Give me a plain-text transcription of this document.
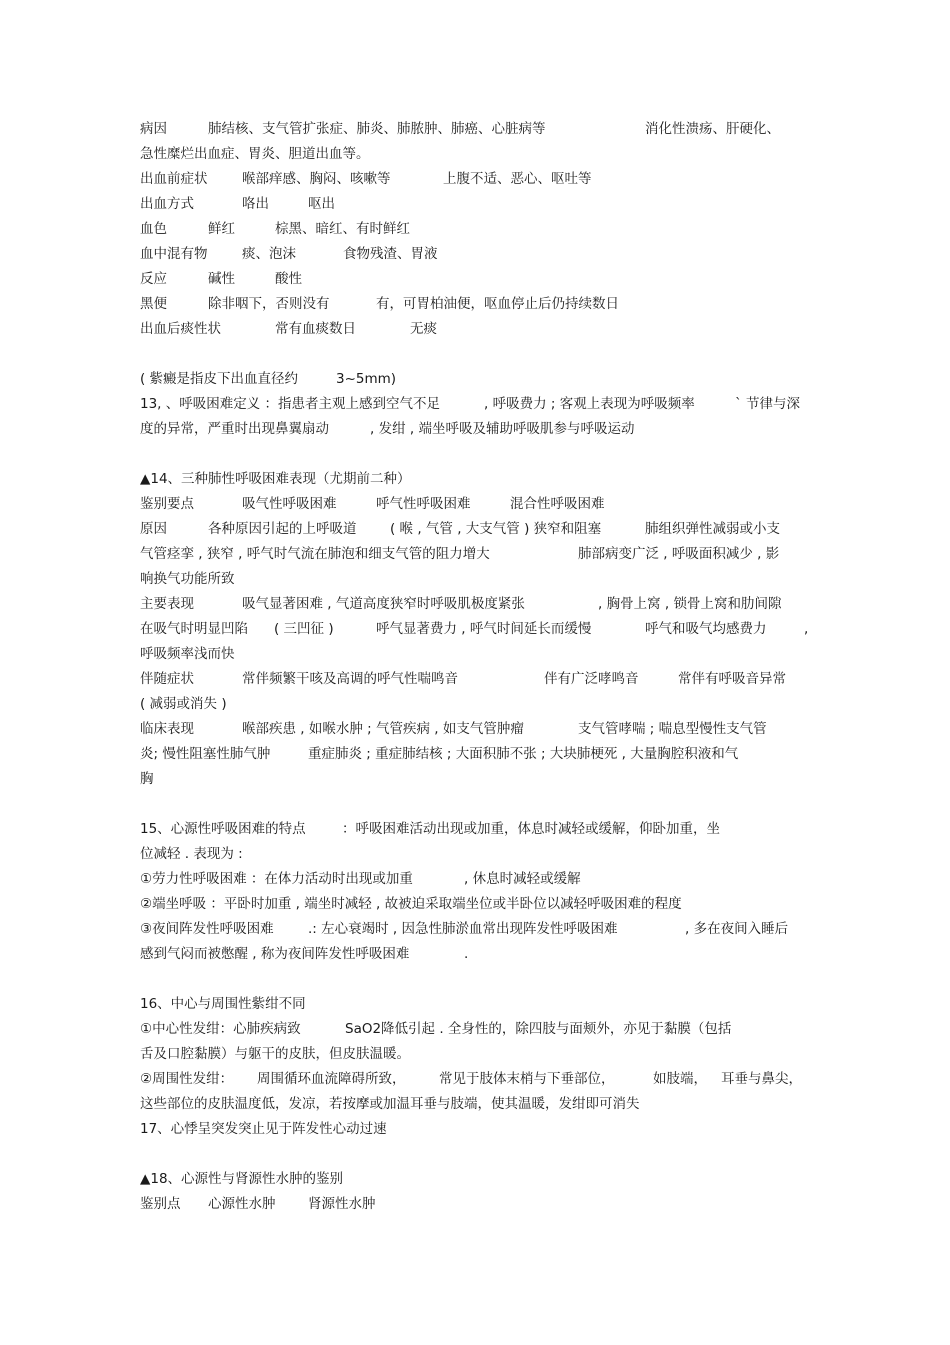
病因	肺结核、支气管扩张症、肺炎、肺脓肿、肺癌、心脏病等	消化性溃疡、肝硬化、
急性糜烂出血症、胃炎、胆道出血等。
出血前症状	喉部痒感、胸闷、咳嗽等	上腹不适、恶心、呕吐等
出血方式	咯出	呕出
血色	鲜红	棕黑、暗红、有时鲜红
血中混有物	痰、泡沫	食物残渣、胃液
反应	碱性	酸性
黑便	除非咽下，否则没有	有，可胃柏油便，呕血停止后仍持续数日
出血后痰性状	常有血痰数日	无痰
( 紫癜是指皮下出血直径约	3~5mm)
13, 、呼吸困难定义 ：指患者主观上感到空气不足	, 呼吸费力 ; 客观上表现为呼吸频率	` 节律与深
度的异常，严重时出现鼻翼扇动	, 发绀 , 端坐呼吸及辅助呼吸肌参与呼吸运动
▲14、三种肺性呼吸困难表现（尤期前二种）
鉴别要点	吸气性呼吸困难	呼气性呼吸困难	混合性呼吸困难
原因	各种原因引起的上呼吸道 ( 喉 , 气管 , 大支气管 ) 狭窄和阻塞	肺组织弹性减弱或小支
气管痉挛 , 狭窄 , 呼气时气流在肺泡和细支气管的阻力增大	肺部病变广泛 , 呼吸面积减少 , 影
响换气功能所致
主要表现	吸气显著困难 , 气道高度狭窄时呼吸肌极度紧张	, 胸骨上窝 , 锁骨上窝和肋间隙
在吸气时明显凹陷 ( 三凹征 )	呼气显著费力 , 呼气时间延长而缓慢	呼气和吸气均感费力	,
呼吸频率浅而快
伴随症状	常伴频繁干咳及高调的呼气性喘鸣音	伴有广泛哮鸣音	常伴有呼吸音异常
( 减弱或消失 )
临床表现	喉部疾患 , 如喉水肿 ; 气管疾病 , 如支气管肿瘤	支气管哮喘 ; 喘息型慢性支气管
炎; 慢性阻塞性肺气肿	重症肺炎 ; 重症肺结核 ; 大面积肺不张 ; 大块肺梗死 , 大量胸腔积液和气
胸
15、心源性呼吸困难的特点	：呼吸困难活动出现或加重，体息时减轻或缓解，仰卧加重，坐
位减轻 . 表现为 :
①劳力性呼吸困难 ：在体力活动时出现或加重	, 休息时减轻或缓解
②端坐呼吸 ：平卧时加重 , 端坐时减轻 , 故被迫采取端坐位或半卧位以减轻呼吸困难的程度
③夜间阵发性呼吸困难	.: 左心衰竭时 , 因急性肺淤血常出现阵发性呼吸困难	, 多在夜间入睡后
感到气闷而被憋醒 , 称为夜间阵发性呼吸困难	.
16、中心与周围性紫绀不同
①中心性发绀：心肺疾病致	SaO2降低引起 . 全身性的，除四肢与面颊外，亦见于黏膜（包括
舌及口腔黏膜）与躯干的皮肤，但皮肤温暖。
②周围性发绀： 周围循环血流障碍所致， 常见于肢体末梢与下垂部位，	如肢端， 耳垂与鼻尖，
这些部位的皮肤温度低，发凉，若按摩或加温耳垂与肢端，使其温暖，发绀即可消失
17、心悸呈突发突止见于阵发性心动过速
▲18、心源性与肾源性水肿的鉴别
鉴别点 心源性水肿 肾源性水肿
